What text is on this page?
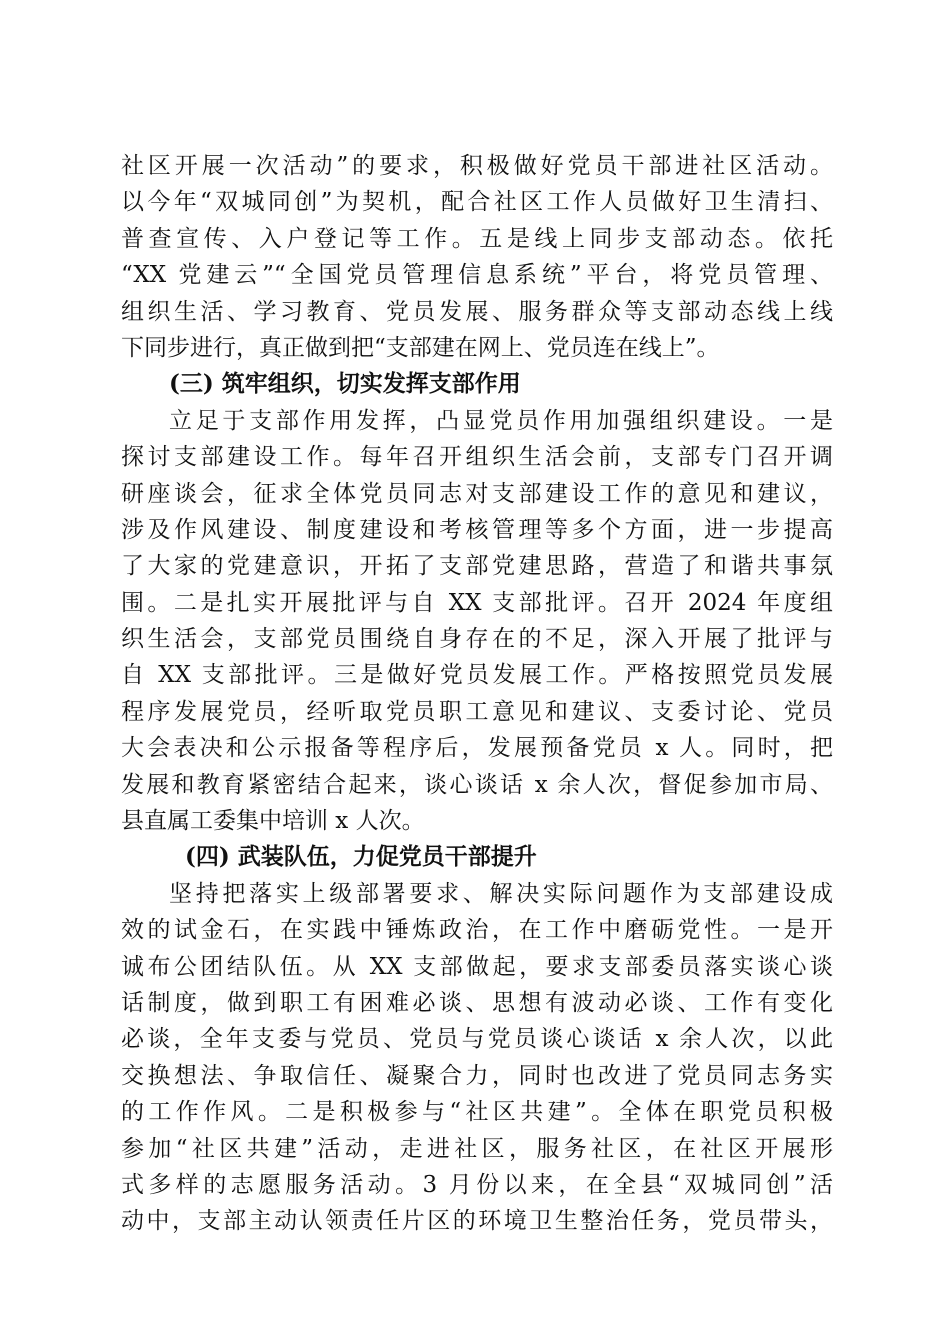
社区开展一次活动”的要求，积极做好党员干部进社区活动。
以今年“双城同创”为契机，配合社区工作人员做好卫生清扫、
普查宣传、入户登记等工作。五是线上同步支部动态。依托
“XX 党建云”“全国党员管理信息系统”平台，将党员管理、
组织生活、学习教育、党员发展、服务群众等支部动态线上线
下同步进行，真正做到把“支部建在网上、党员连在线上”。
(三) 筑牢组织，切实发挥支部作用
立足于支部作用发挥，凸显党员作用加强组织建设。一是
探讨支部建设工作。每年召开组织生活会前，支部专门召开调
研座谈会，征求全体党员同志对支部建设工作的意见和建议，
涉及作风建设、制度建设和考核管理等多个方面，进一步提高
了大家的党建意识，开拓了支部党建思路，营造了和谐共事氛
围。二是扎实开展批评与自 XX 支部批评。召开 2024 年度组
织生活会，支部党员围绕自身存在的不足，深入开展了批评与
自 XX 支部批评。三是做好党员发展工作。严格按照党员发展
程序发展党员，经听取党员职工意见和建议、支委讨论、党员
大会表决和公示报备等程序后，发展预备党员 x 人。同时，把
发展和教育紧密结合起来，谈心谈话 x 余人次，督促参加市局、
县直属工委集中培训 x 人次。
(四) 武装队伍，力促党员干部提升
坚持把落实上级部署要求、解决实际问题作为支部建设成
效的试金石，在实践中锤炼政治，在工作中磨砺党性。一是开
诚布公团结队伍。从 XX 支部做起，要求支部委员落实谈心谈
话制度，做到职工有困难必谈、思想有波动必谈、工作有变化
必谈，全年支委与党员、党员与党员谈心谈话 x 余人次，以此
交换想法、争取信任、凝聚合力，同时也改进了党员同志务实
的工作作风。二是积极参与“社区共建”。全体在职党员积极
参加“社区共建”活动，走进社区，服务社区，在社区开展形
式多样的志愿服务活动。3 月份以来，在全县“双城同创”活
动中，支部主动认领责任片区的环境卫生整治任务，党员带头，
